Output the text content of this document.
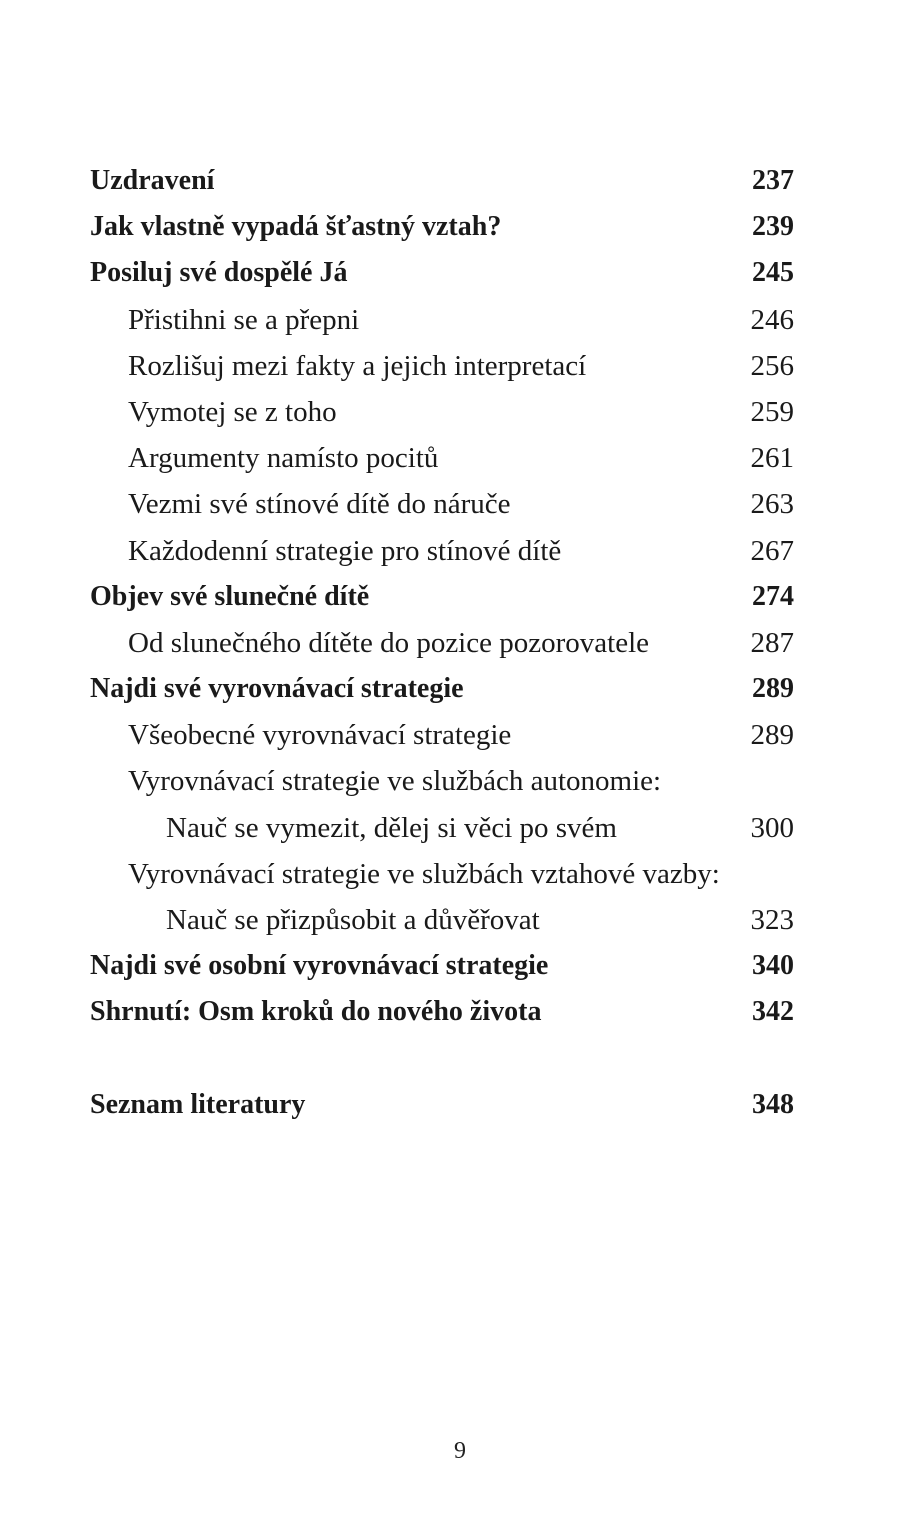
Uzdravení	237
Jak vlastně vypadá šťastný vztah?	239
Posiluj své dospělé Já	245
Přistihni se a přepni	246
Rozlišuj mezi fakty a jejich interpretací	256
Vymotej se z toho	259
Argumenty namísto pocitů	261
Vezmi své stínové dítě do náruče	263
Každodenní strategie pro stínové dítě	267
Objev své slunečné dítě	274
Od slunečného dítěte do pozice pozorovatele	287
Najdi své vyrovnávací strategie	289
Všeobecné vyrovnávací strategie	289
Vyrovnávací strategie ve službách autonomie:
Nauč se vymezit, dělej si věci po svém	300
Vyrovnávací strategie ve službách vztahové vazby:
Nauč se přizpůsobit a důvěřovat	323
Najdi své osobní vyrovnávací strategie	340
Shrnutí: Osm kroků do nového života	342
Seznam literatury	348
9
